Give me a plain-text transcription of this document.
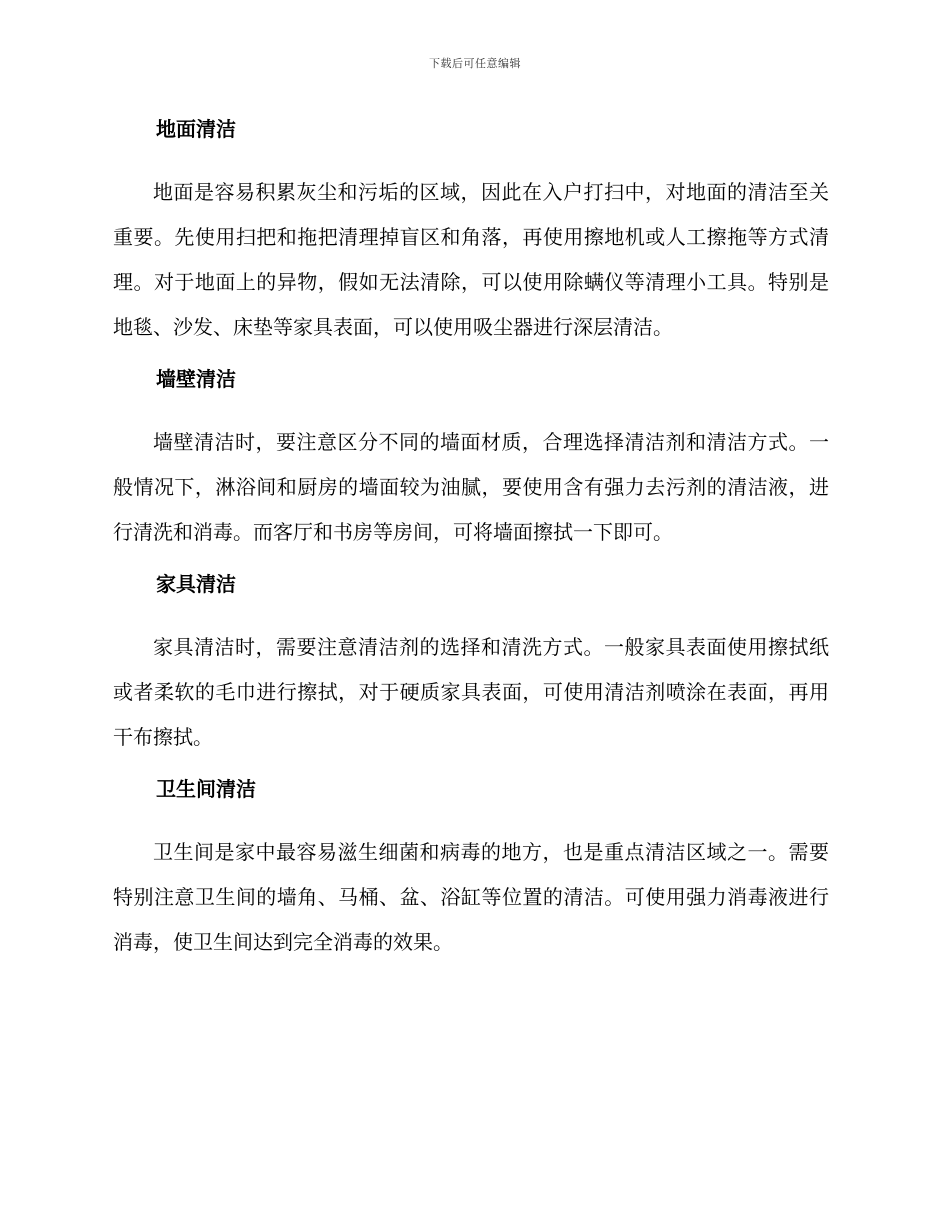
下载后可任意编辑
地面清洁
地面是容易积累灰尘和污垢的区域，因此在入户打扫中，对地面的清洁至关重要。先使用扫把和拖把清理掉盲区和角落，再使用擦地机或人工擦拖等方式清理。对于地面上的异物，假如无法清除，可以使用除螨仪等清理小工具。特别是地毯、沙发、床垫等家具表面，可以使用吸尘器进行深层清洁。
墙壁清洁
墙壁清洁时，要注意区分不同的墙面材质，合理选择清洁剂和清洁方式。一般情况下，淋浴间和厨房的墙面较为油腻，要使用含有强力去污剂的清洁液，进行清洗和消毒。而客厅和书房等房间，可将墙面擦拭一下即可。
家具清洁
家具清洁时，需要注意清洁剂的选择和清洗方式。一般家具表面使用擦拭纸或者柔软的毛巾进行擦拭，对于硬质家具表面，可使用清洁剂喷涂在表面，再用干布擦拭。
卫生间清洁
卫生间是家中最容易滋生细菌和病毒的地方，也是重点清洁区域之一。需要特别注意卫生间的墙角、马桶、盆、浴缸等位置的清洁。可使用强力消毒液进行消毒，使卫生间达到完全消毒的效果。
